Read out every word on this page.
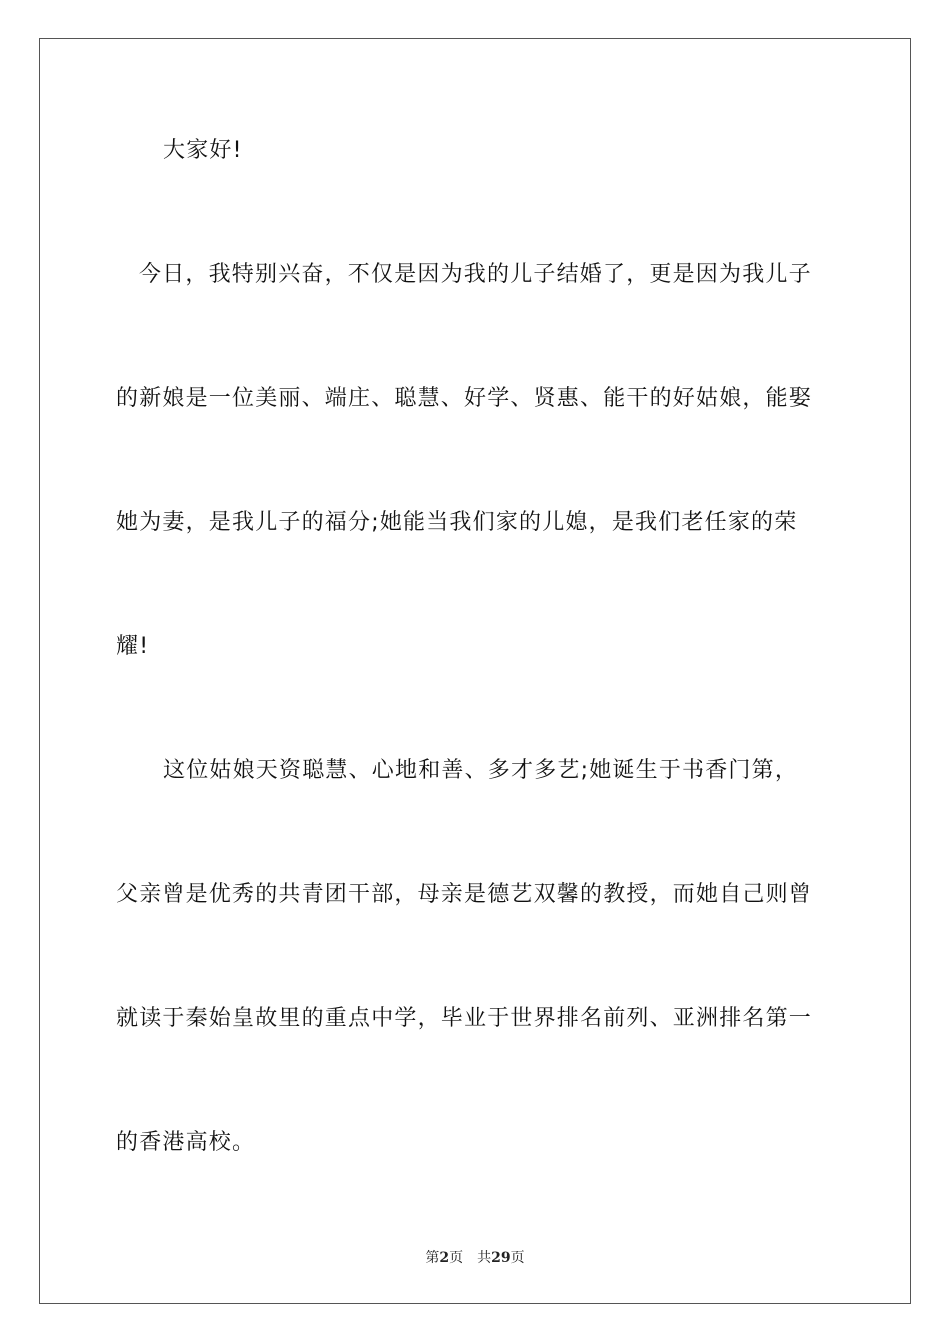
大家好!
今日，我特别兴奋，不仅是因为我的儿子结婚了，更是因为我儿子
的新娘是一位美丽、端庄、聪慧、好学、贤惠、能干的好姑娘，能娶
她为妻，是我儿子的福分;她能当我们家的儿媳，是我们老任家的荣
耀!
这位姑娘天资聪慧、心地和善、多才多艺;她诞生于书香门第，
父亲曾是优秀的共青团干部，母亲是德艺双馨的教授，而她自己则曾
就读于秦始皇故里的重点中学，毕业于世界排名前列、亚洲排名第一
的香港高校。
第2页 共29页
